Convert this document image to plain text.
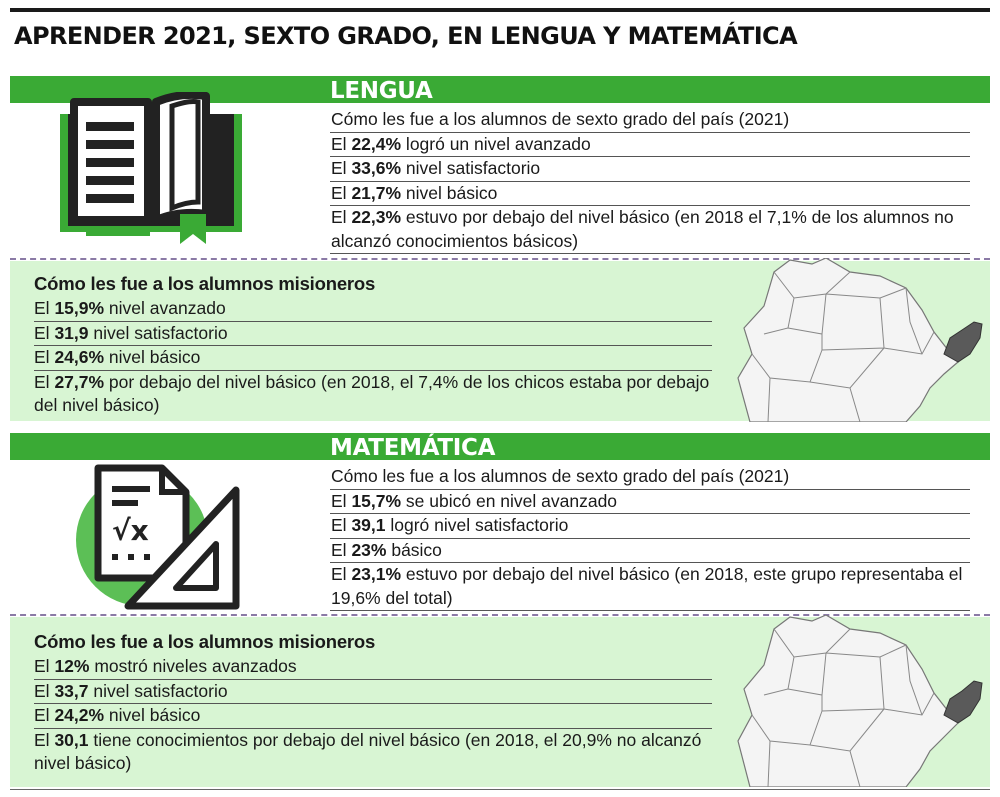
APRENDER 2021, SEXTO GRADO, EN LENGUA Y MATEMÁTICA
LENGUA
Cómo les fue a los alumnos de sexto grado del país (2021)
El 22,4% logró un nivel avanzado
El 33,6% nivel satisfactorio
El 21,7% nivel básico
El 22,3% estuvo por debajo del nivel básico (en 2018 el 7,1% de los alumnos no alcanzó conocimientos básicos)
Cómo les fue a los alumnos misioneros
El 15,9% nivel avanzado
El 31,9 nivel satisfactorio
El 24,6% nivel básico
El 27,7% por debajo del nivel básico (en 2018, el 7,4% de los chicos estaba por debajo del nivel básico)
MATEMÁTICA
√x
Cómo les fue a los alumnos de sexto grado del país (2021)
El 15,7% se ubicó en nivel avanzado
El 39,1 logró nivel satisfactorio
El 23% básico
El 23,1% estuvo por debajo del nivel básico (en 2018, este grupo representaba el 19,6% del total)
Cómo les fue a los alumnos misioneros
El 12% mostró niveles avanzados
El 33,7 nivel satisfactorio
El 24,2% nivel básico
El 30,1 tiene conocimientos por debajo del nivel básico (en 2018, el 20,9% no alcanzó nivel básico)
